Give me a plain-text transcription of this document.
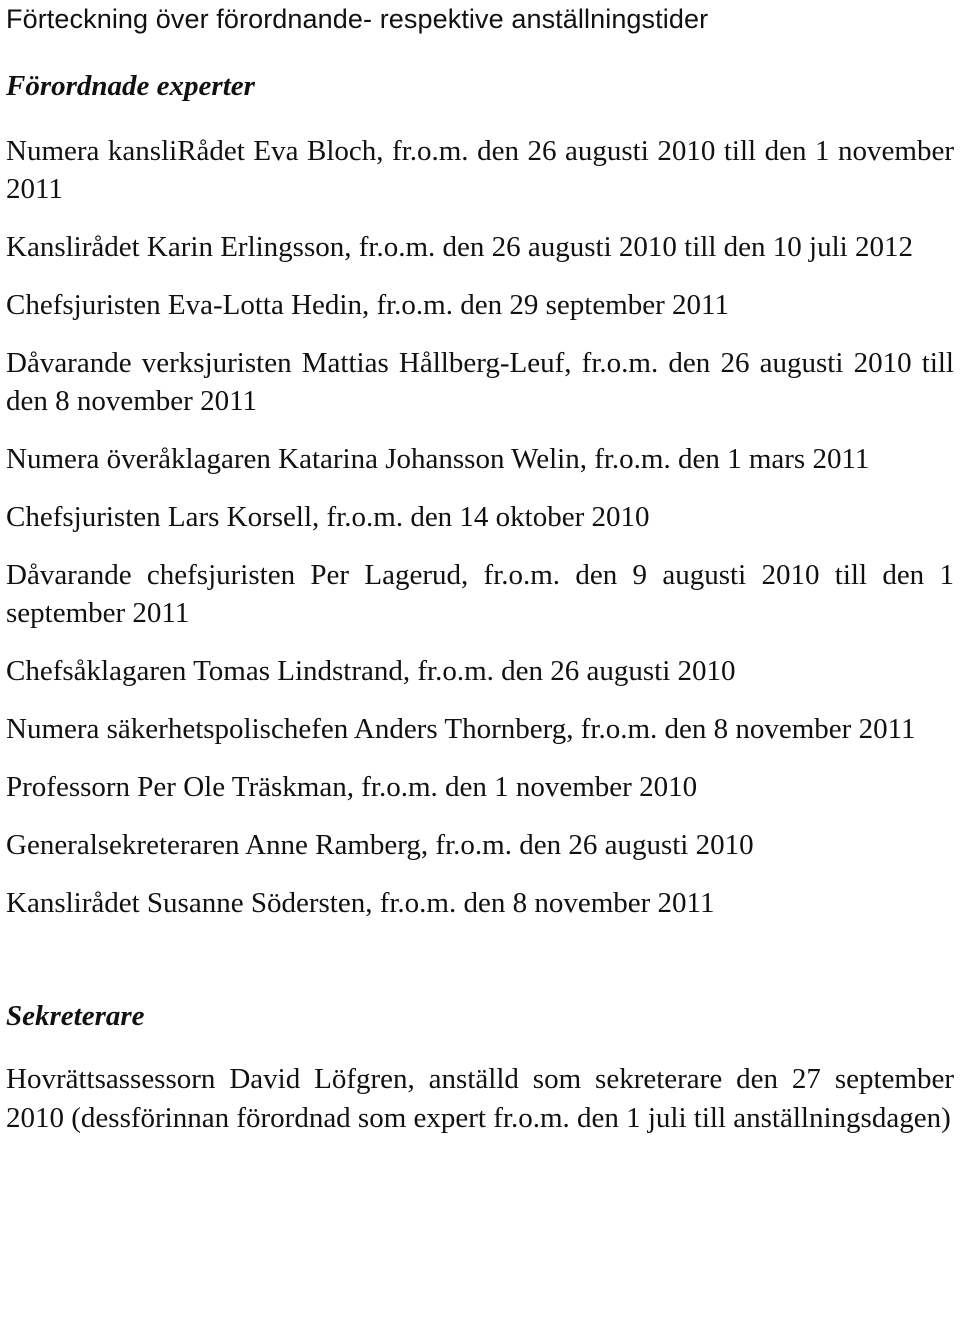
Förteckning över förordnande- respektive anställningstider
Förordnade experter

Numera kansliRådet Eva Bloch, fr.o.m. den 26 augusti 2010 till den 1 november 2011

Kanslirådet Karin Erlingsson, fr.o.m. den 26 augusti 2010 till den 10 juli 2012

Chefsjuristen Eva-Lotta Hedin, fr.o.m. den 29 september 2011

Dåvarande verksjuristen Mattias Hållberg-Leuf, fr.o.m. den 26 augusti 2010 till den 8 november 2011

Numera överåklagaren Katarina Johansson Welin, fr.o.m. den 1 mars 2011

Chefsjuristen Lars Korsell, fr.o.m. den 14 oktober 2010

Dåvarande chefsjuristen Per Lagerud, fr.o.m. den 9 augusti 2010 till den 1 september 2011

Chefsåklagaren Tomas Lindstrand, fr.o.m. den 26 augusti 2010

Numera säkerhetspolischefen Anders Thornberg, fr.o.m. den 8 november 2011

Professorn Per Ole Träskman, fr.o.m. den 1 november 2010

Generalsekreteraren Anne Ramberg, fr.o.m. den 26 augusti 2010

Kanslirådet Susanne Södersten, fr.o.m. den 8 november 2011

Sekreterare

Hovrättsassessorn David Löfgren, anställd som sekreterare den 27 september 2010 (dessförinnan förordnad som expert fr.o.m. den 1 juli till anställningsdagen)
